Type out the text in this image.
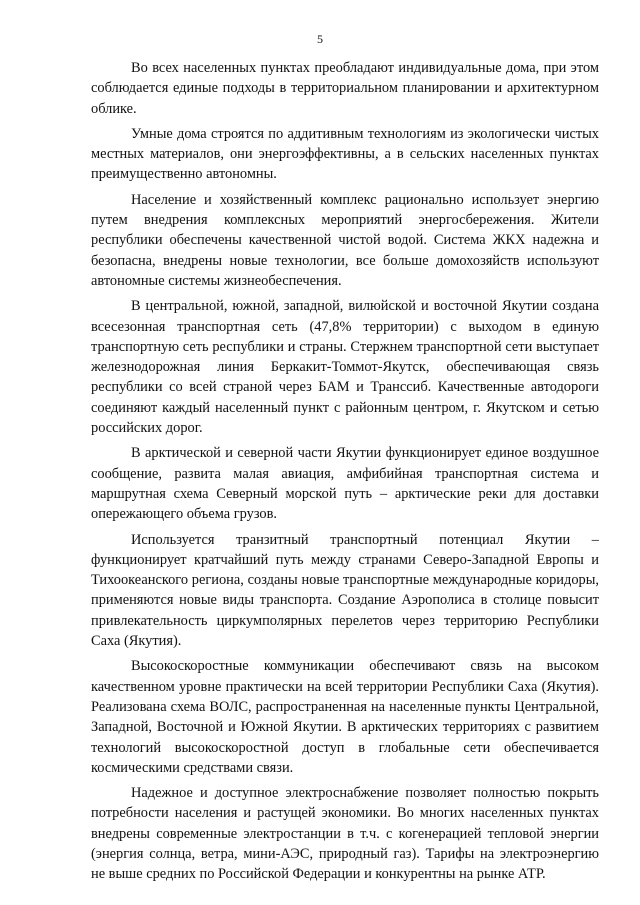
5

Во всех населенных пунктах преобладают индивидуальные дома, при этом соблюдается единые подходы в территориальном планировании и архитектурном облике.

Умные дома строятся по аддитивным технологиям из экологически чистых местных материалов, они энергоэффективны, а в сельских населенных пунктах преимущественно автономны.

Население и хозяйственный комплекс рационально использует энергию путем внедрения комплексных мероприятий энергосбережения. Жители республики обеспечены качественной чистой водой. Система ЖКХ надежна и безопасна, внедрены новые технологии, все больше домохозяйств используют автономные системы жизнеобеспечения.

В центральной, южной, западной, вилюйской и восточной Якутии создана всесезонная транспортная сеть (47,8% территории) с выходом в единую транспортную сеть республики и страны. Стержнем транспортной сети выступает железнодорожная линия Беркакит-Томмот-Якутск, обеспечивающая связь республики со всей страной через БАМ и Транссиб. Качественные автодороги соединяют каждый населенный пункт с районным центром, г. Якутском и сетью российских дорог.

В арктической и северной части Якутии функционирует единое воздушное сообщение, развита малая авиация, амфибийная транспортная система и маршрутная схема Северный морской путь – арктические реки для доставки опережающего объема грузов.

Используется транзитный транспортный потенциал Якутии – функционирует кратчайший путь между странами Северо-Западной Европы и Тихоокеанского региона, созданы новые транспортные международные коридоры, применяются новые виды транспорта. Создание Аэрополиса в столице повысит привлекательность циркумполярных перелетов через территорию Республики Саха (Якутия).

Высокоскоростные коммуникации обеспечивают связь на высоком качественном уровне практически на всей территории Республики Саха (Якутия). Реализована схема ВОЛС, распространенная на населенные пункты Центральной, Западной, Восточной и Южной Якутии. В арктических территориях с развитием технологий высокоскоростной доступ в глобальные сети обеспечивается космическими средствами связи.

Надежное и доступное электроснабжение позволяет полностью покрыть потребности населения и растущей экономики. Во многих населенных пунктах внедрены современные электростанции в т.ч. с когенерацией тепловой энергии (энергия солнца, ветра, мини-АЭС, природный газ). Тарифы на электроэнергию не выше средних по Российской Федерации и конкурентны на рынке АТР.
